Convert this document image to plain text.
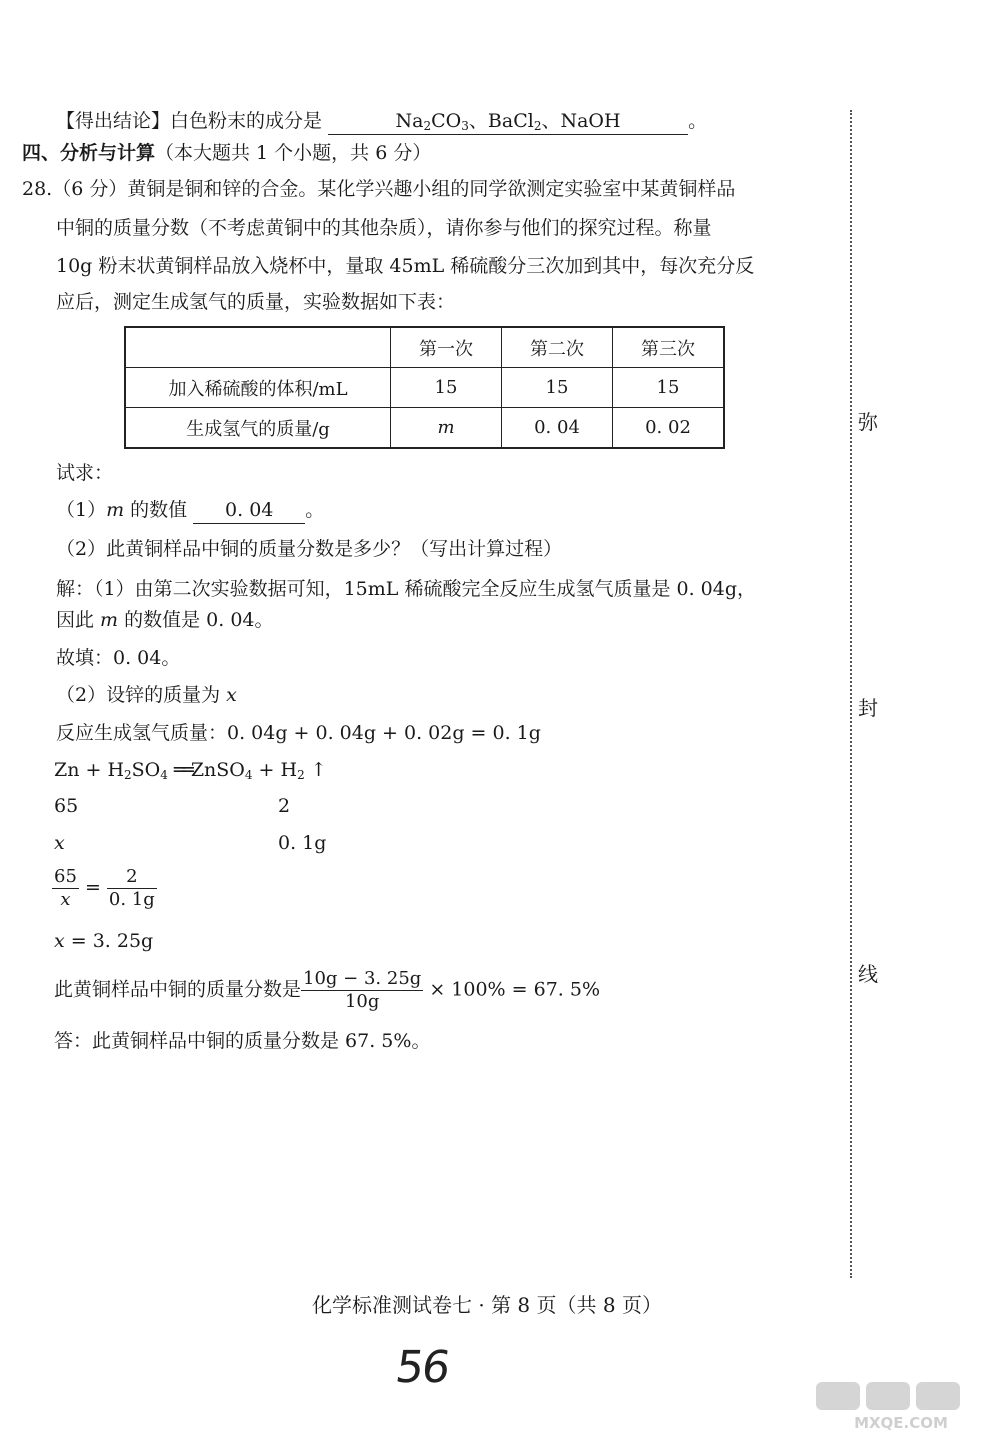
【得出结论】白色粉末的成分是	$Na_2CO_3$、BaCl$_2$、NaOH	。
四、分析与计算（本大题共 1 个小题，共 6 分）
28.（6 分）黄铜是铜和锌的合金。某化学兴趣小组的同学欲测定实验室中某黄铜样品
中铜的质量分数（不考虑黄铜中的其他杂质），请你参与他们的探究过程。称量
10g 粉末状黄铜样品放入烧杯中，量取 45mL 稀硫酸分三次加到其中，每次充分反
应后，测定生成氢气的质量，实验数据如下表：
	第一次	第二次	第三次
加入稀硫酸的体积/mL	15	15	15
生成氢气的质量/g	m	0. 04	0. 02
试求：
（1）m 的数值 0. 04 。
（2）此黄铜样品中铜的质量分数是多少？（写出计算过程）
解：（1）由第二次实验数据可知，15mL 稀硫酸完全反应生成氢气质量是 0. 04g，
因此 m 的数值是 0. 04。
故填：0. 04。
（2）设锌的质量为 x
反应生成氢气质量：0. 04g + 0. 04g + 0. 02g = 0. 1g
$Zn + H_2SO_4$ ══ZnSO$_4$ + $H_2$ ↑
65	2
x	0. 1g
$\frac{65}{x} = \frac{2}{0. 1g}$
x = 3. 25g
此黄铜样品中铜的质量分数是 $\frac{10g - 3. 25g}{10g} \times 100\% = 67$. 5%
答：此黄铜样品中铜的质量分数是 67. 5%。
弥
封
线
化学标准测试卷七 · 第 8 页（共 8 页）
56
MXQE.COM
